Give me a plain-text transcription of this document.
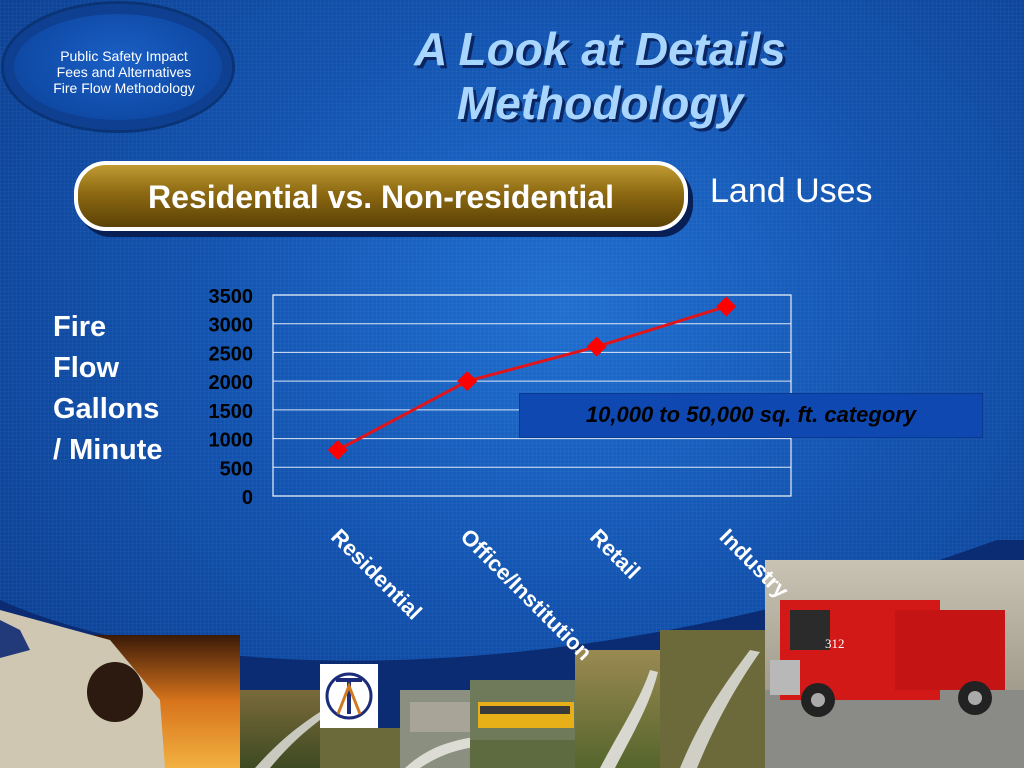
Public Safety Impact
Fees and Alternatives
Fire Flow Methodology
A Look at Details
Methodology
Residential vs. Non-residential	Land Uses
Fire
Flow
Gallons
/ Minute
312
0
500
1000
1500
2000
2500
3000
3500
Residential Office/Institution
Retail	Industry
10,000 to 50,000 sq. ft. category
